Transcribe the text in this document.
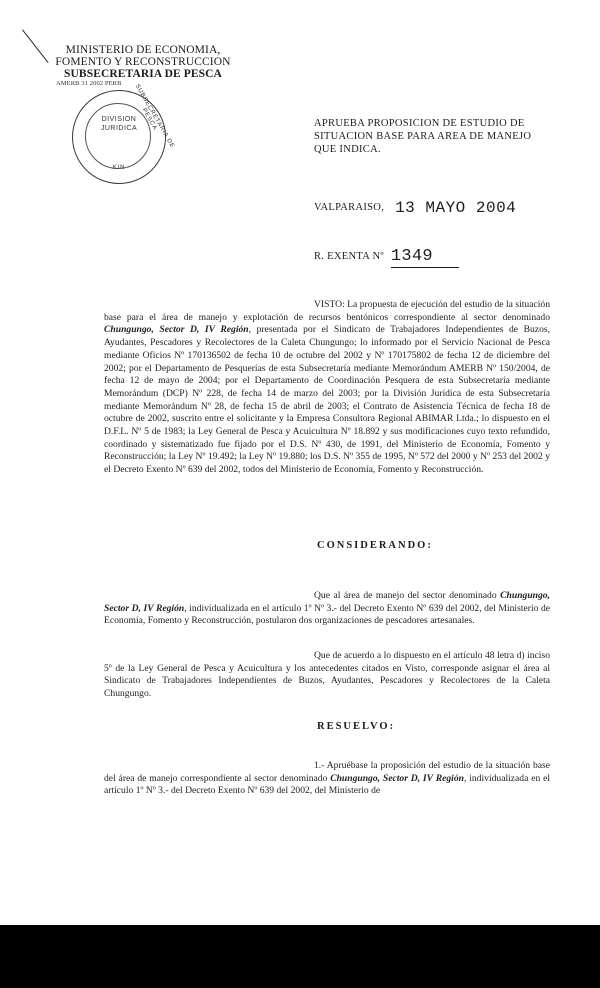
MINISTERIO DE ECONOMIA,
FOMENTO Y RECONSTRUCCION
SUBSECRETARIA DE PESCA
AMERB 31 2002 PERB
SUBSECRETARIA DE PESCA
DIVISION
JURIDICA
KIN
APRUEBA PROPOSICION DE ESTUDIO DE SITUACION BASE PARA AREA DE MANEJO QUE INDICA.
VALPARAISO, 13 MAYO 2004
R. EXENTA Nº 1349
VISTO: La propuesta de ejecución del estudio de la situación base para el área de manejo y explotación de recursos bentónicos correspondiente al sector denominado Chungungo, Sector D, IV Región, presentada por el Sindicato de Trabajadores Independientes de Buzos, Ayudantes, Pescadores y Recolectores de la Caleta Chungungo; lo informado por el Servicio Nacional de Pesca mediante Oficios Nº 170136502 de fecha 10 de octubre del 2002 y Nº 170175802 de fecha 12 de diciembre del 2002; por el Departamento de Pesquerías de esta Subsecretaría mediante Memorándum AMERB Nº 150/2004, de fecha 12 de mayo de 2004; por el Departamento de Coordinación Pesquera de esta Subsecretaría mediante Memorándum (DCP) Nº 228, de fecha 14 de marzo del 2003; por la División Jurídica de esta Subsecretaría mediante Memorándum Nº 28, de fecha 15 de abril de 2003; el Contrato de Asistencia Técnica de fecha 18 de octubre de 2002, suscrito entre el solicitante y la Empresa Consultora Regional ABIMAR Ltda.; lo dispuesto en el D.F.L. Nº 5 de 1983; la Ley General de Pesca y Acuicultura Nº 18.892 y sus modificaciones cuyo texto refundido, coordinado y sistematizado fue fijado por el D.S. Nº 430, de 1991, del Ministerio de Economía, Fomento y Reconstrucción; la Ley Nº 19.492; la Ley Nº 19.880; los D.S. Nº 355 de 1995, Nº 572 del 2000 y Nº 253 del 2002 y el Decreto Exento Nº 639 del 2002, todos del Ministerio de Economía, Fomento y Reconstrucción.
CONSIDERANDO:
Que al área de manejo del sector denominado Chungungo, Sector D, IV Región, individualizada en el artículo 1º Nº 3.- del Decreto Exento Nº 639 del 2002, del Ministerio de Economía, Fomento y Reconstrucción, postularon dos organizaciones de pescadores artesanales.
Que de acuerdo a lo dispuesto en el artículo 48 letra d) inciso 5º de la Ley General de Pesca y Acuicultura y los antecedentes citados en Visto, corresponde asignar el área al Sindicato de Trabajadores Independientes de Buzos, Ayudantes, Pescadores y Recolectores de la Caleta Chungungo.
RESUELVO:
1.- Apruébase la proposición del estudio de la situación base del área de manejo correspondiente al sector denominado Chungungo, Sector D, IV Región, individualizada en el artículo 1º Nº 3.- del Decreto Exento Nº 639 del 2002, del Ministerio de
